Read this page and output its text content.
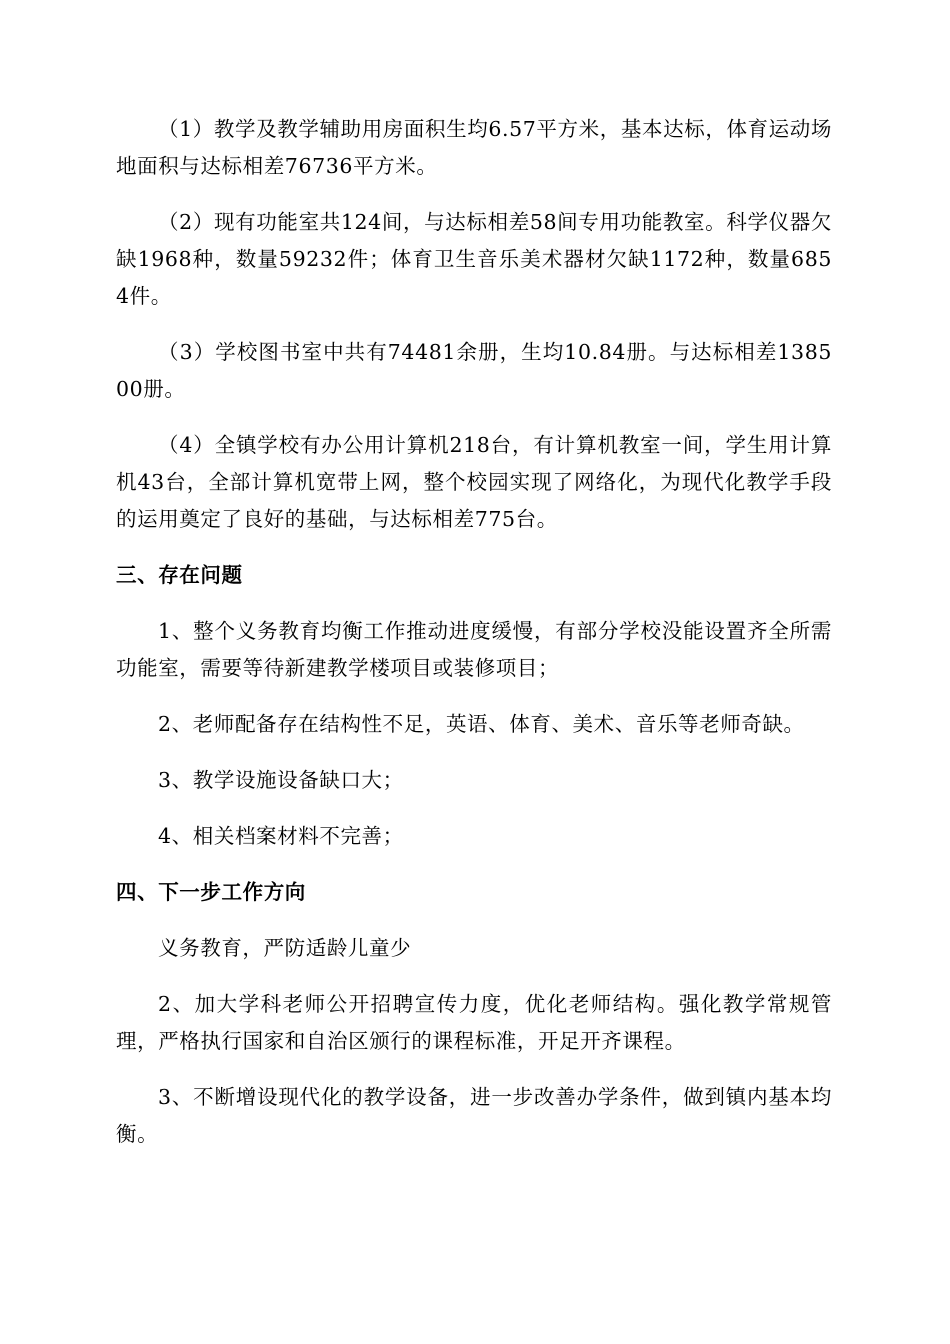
（1）教学及教学辅助用房面积生均6.57平方米，基本达标，体育运动场地面积与达标相差76736平方米。

（2）现有功能室共124间，与达标相差58间专用功能教室。科学仪器欠缺1968种，数量59232件；体育卫生音乐美术器材欠缺1172种，数量6854件。

（3）学校图书室中共有74481余册，生均10.84册。与达标相差138500册。

（4）全镇学校有办公用计算机218台，有计算机教室一间，学生用计算机43台，全部计算机宽带上网，整个校园实现了网络化，为现代化教学手段的运用奠定了良好的基础，与达标相差775台。

三、存在问题

1、整个义务教育均衡工作推动进度缓慢，有部分学校没能设置齐全所需功能室，需要等待新建教学楼项目或装修项目；

2、老师配备存在结构性不足，英语、体育、美术、音乐等老师奇缺。

3、教学设施设备缺口大；

4、相关档案材料不完善；

四、下一步工作方向

义务教育，严防适龄儿童少

2、加大学科老师公开招聘宣传力度，优化老师结构。强化教学常规管理，严格执行国家和自治区颁行的课程标准，开足开齐课程。

3、不断增设现代化的教学设备，进一步改善办学条件，做到镇内基本均衡。
